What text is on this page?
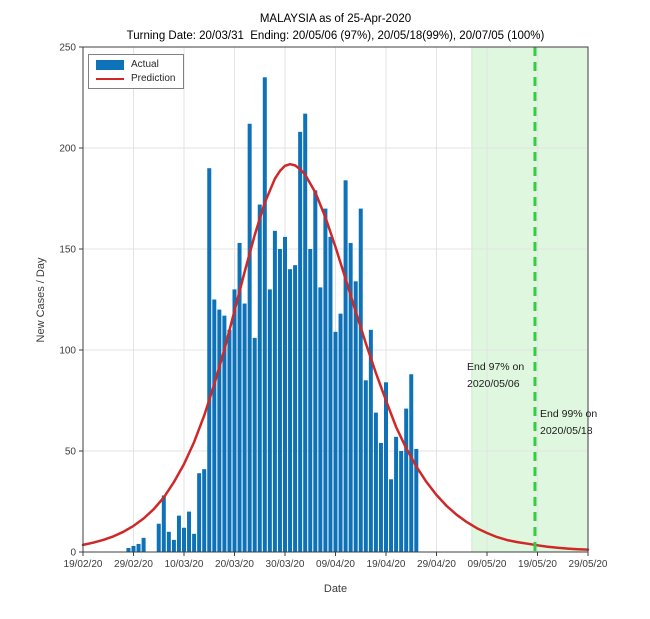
MALAYSIA as of 25-Apr-2020
Turning Date: 20/03/31  Ending: 20/05/06 (97%), 20/05/18(99%), 20/07/05 (100%)
19/02/20 29/02/20 10/03/20 20/03/20 30/03/20 09/04/20 19/04/20 29/04/20 09/05/20 19/05/20 29/05/20
0
50
100
150
200
250
New Cases / Day
Date
Actual
Prediction
End 97% on
2020/05/06
End 99% on
2020/05/18
